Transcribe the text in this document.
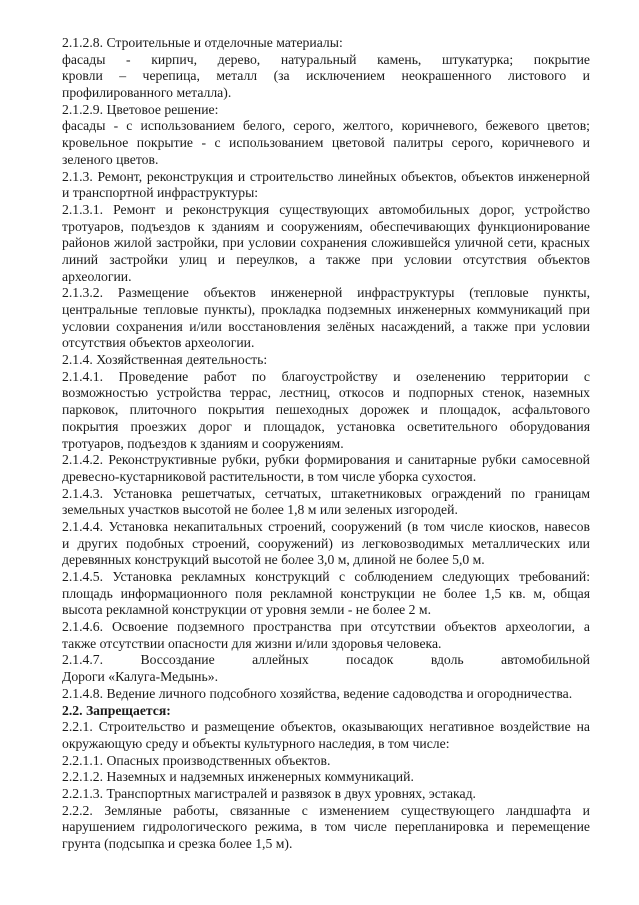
2.1.2.8. Строительные и отделочные материалы:
фасады - кирпич, дерево, натуральный камень, штукатурка; покрытие
кровли – черепица, металл (за исключением неокрашенного листового и
профилированного металла).
2.1.2.9. Цветовое решение:
фасады - с использованием белого, серого, желтого, коричневого, бежевого цветов;
кровельное покрытие - с использованием цветовой палитры серого, коричневого и
зеленого цветов.
2.1.3. Ремонт, реконструкция и строительство линейных объектов, объектов инженерной
и транспортной инфраструктуры:
2.1.3.1. Ремонт и реконструкция существующих автомобильных дорог, устройство
тротуаров, подъездов к зданиям и сооружениям, обеспечивающих функционирование
районов жилой застройки, при условии сохранения сложившейся уличной сети, красных
линий застройки улиц и переулков, а также при условии отсутствия объектов
археологии.
2.1.3.2. Размещение объектов инженерной инфраструктуры (тепловые пункты,
центральные тепловые пункты), прокладка подземных инженерных коммуникаций при
условии сохранения и/или восстановления зелёных насаждений, а также при условии
отсутствия объектов археологии.
2.1.4. Хозяйственная деятельность:
2.1.4.1. Проведение работ по благоустройству и озеленению территории с
возможностью устройства террас, лестниц, откосов и подпорных стенок, наземных
парковок, плиточного покрытия пешеходных дорожек и площадок, асфальтового
покрытия проезжих дорог и площадок, установка осветительного оборудования
тротуаров, подъездов к зданиям и сооружениям.
2.1.4.2. Реконструктивные рубки, рубки формирования и санитарные рубки самосевной
древесно-кустарниковой растительности, в том числе уборка сухостоя.
2.1.4.3. Установка решетчатых, сетчатых, штакетниковых ограждений по границам
земельных участков высотой не более 1,8 м или зеленых изгородей.
2.1.4.4. Установка некапитальных строений, сооружений (в том числе киосков, навесов
и других подобных строений, сооружений) из легковозводимых металлических или
деревянных конструкций высотой не более 3,0 м, длиной не более 5,0 м.
2.1.4.5. Установка рекламных конструкций с соблюдением следующих требований:
площадь информационного поля рекламной конструкции не более 1,5 кв. м, общая
высота рекламной конструкции от уровня земли - не более 2 м.
2.1.4.6. Освоение подземного пространства при отсутствии объектов археологии, а
также отсутствии опасности для жизни и/или здоровья человека.
2.1.4.7. Воссоздание аллейных посадок вдоль автомобильной
Дороги «Калуга-Медынь».
2.1.4.8. Ведение личного подсобного хозяйства, ведение садоводства и огородничества.
2.2. Запрещается:
2.2.1. Строительство и размещение объектов, оказывающих негативное воздействие на
окружающую среду и объекты культурного наследия, в том числе:
2.2.1.1. Опасных производственных объектов.
2.2.1.2. Наземных и надземных инженерных коммуникаций.
2.2.1.3. Транспортных магистралей и развязок в двух уровнях, эстакад.
2.2.2. Земляные работы, связанные с изменением существующего ландшафта и
нарушением гидрологического режима, в том числе перепланировка и перемещение
грунта (подсыпка и срезка более 1,5 м).
